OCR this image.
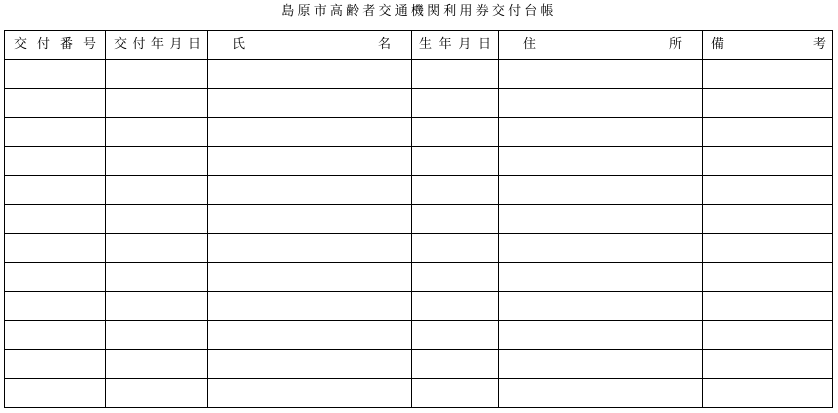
島原市高齢者交通機関利用券交付台帳
交 付 番 号	交 付 年 月 日	氏 名	生 年 月 日	住 所	備 考
